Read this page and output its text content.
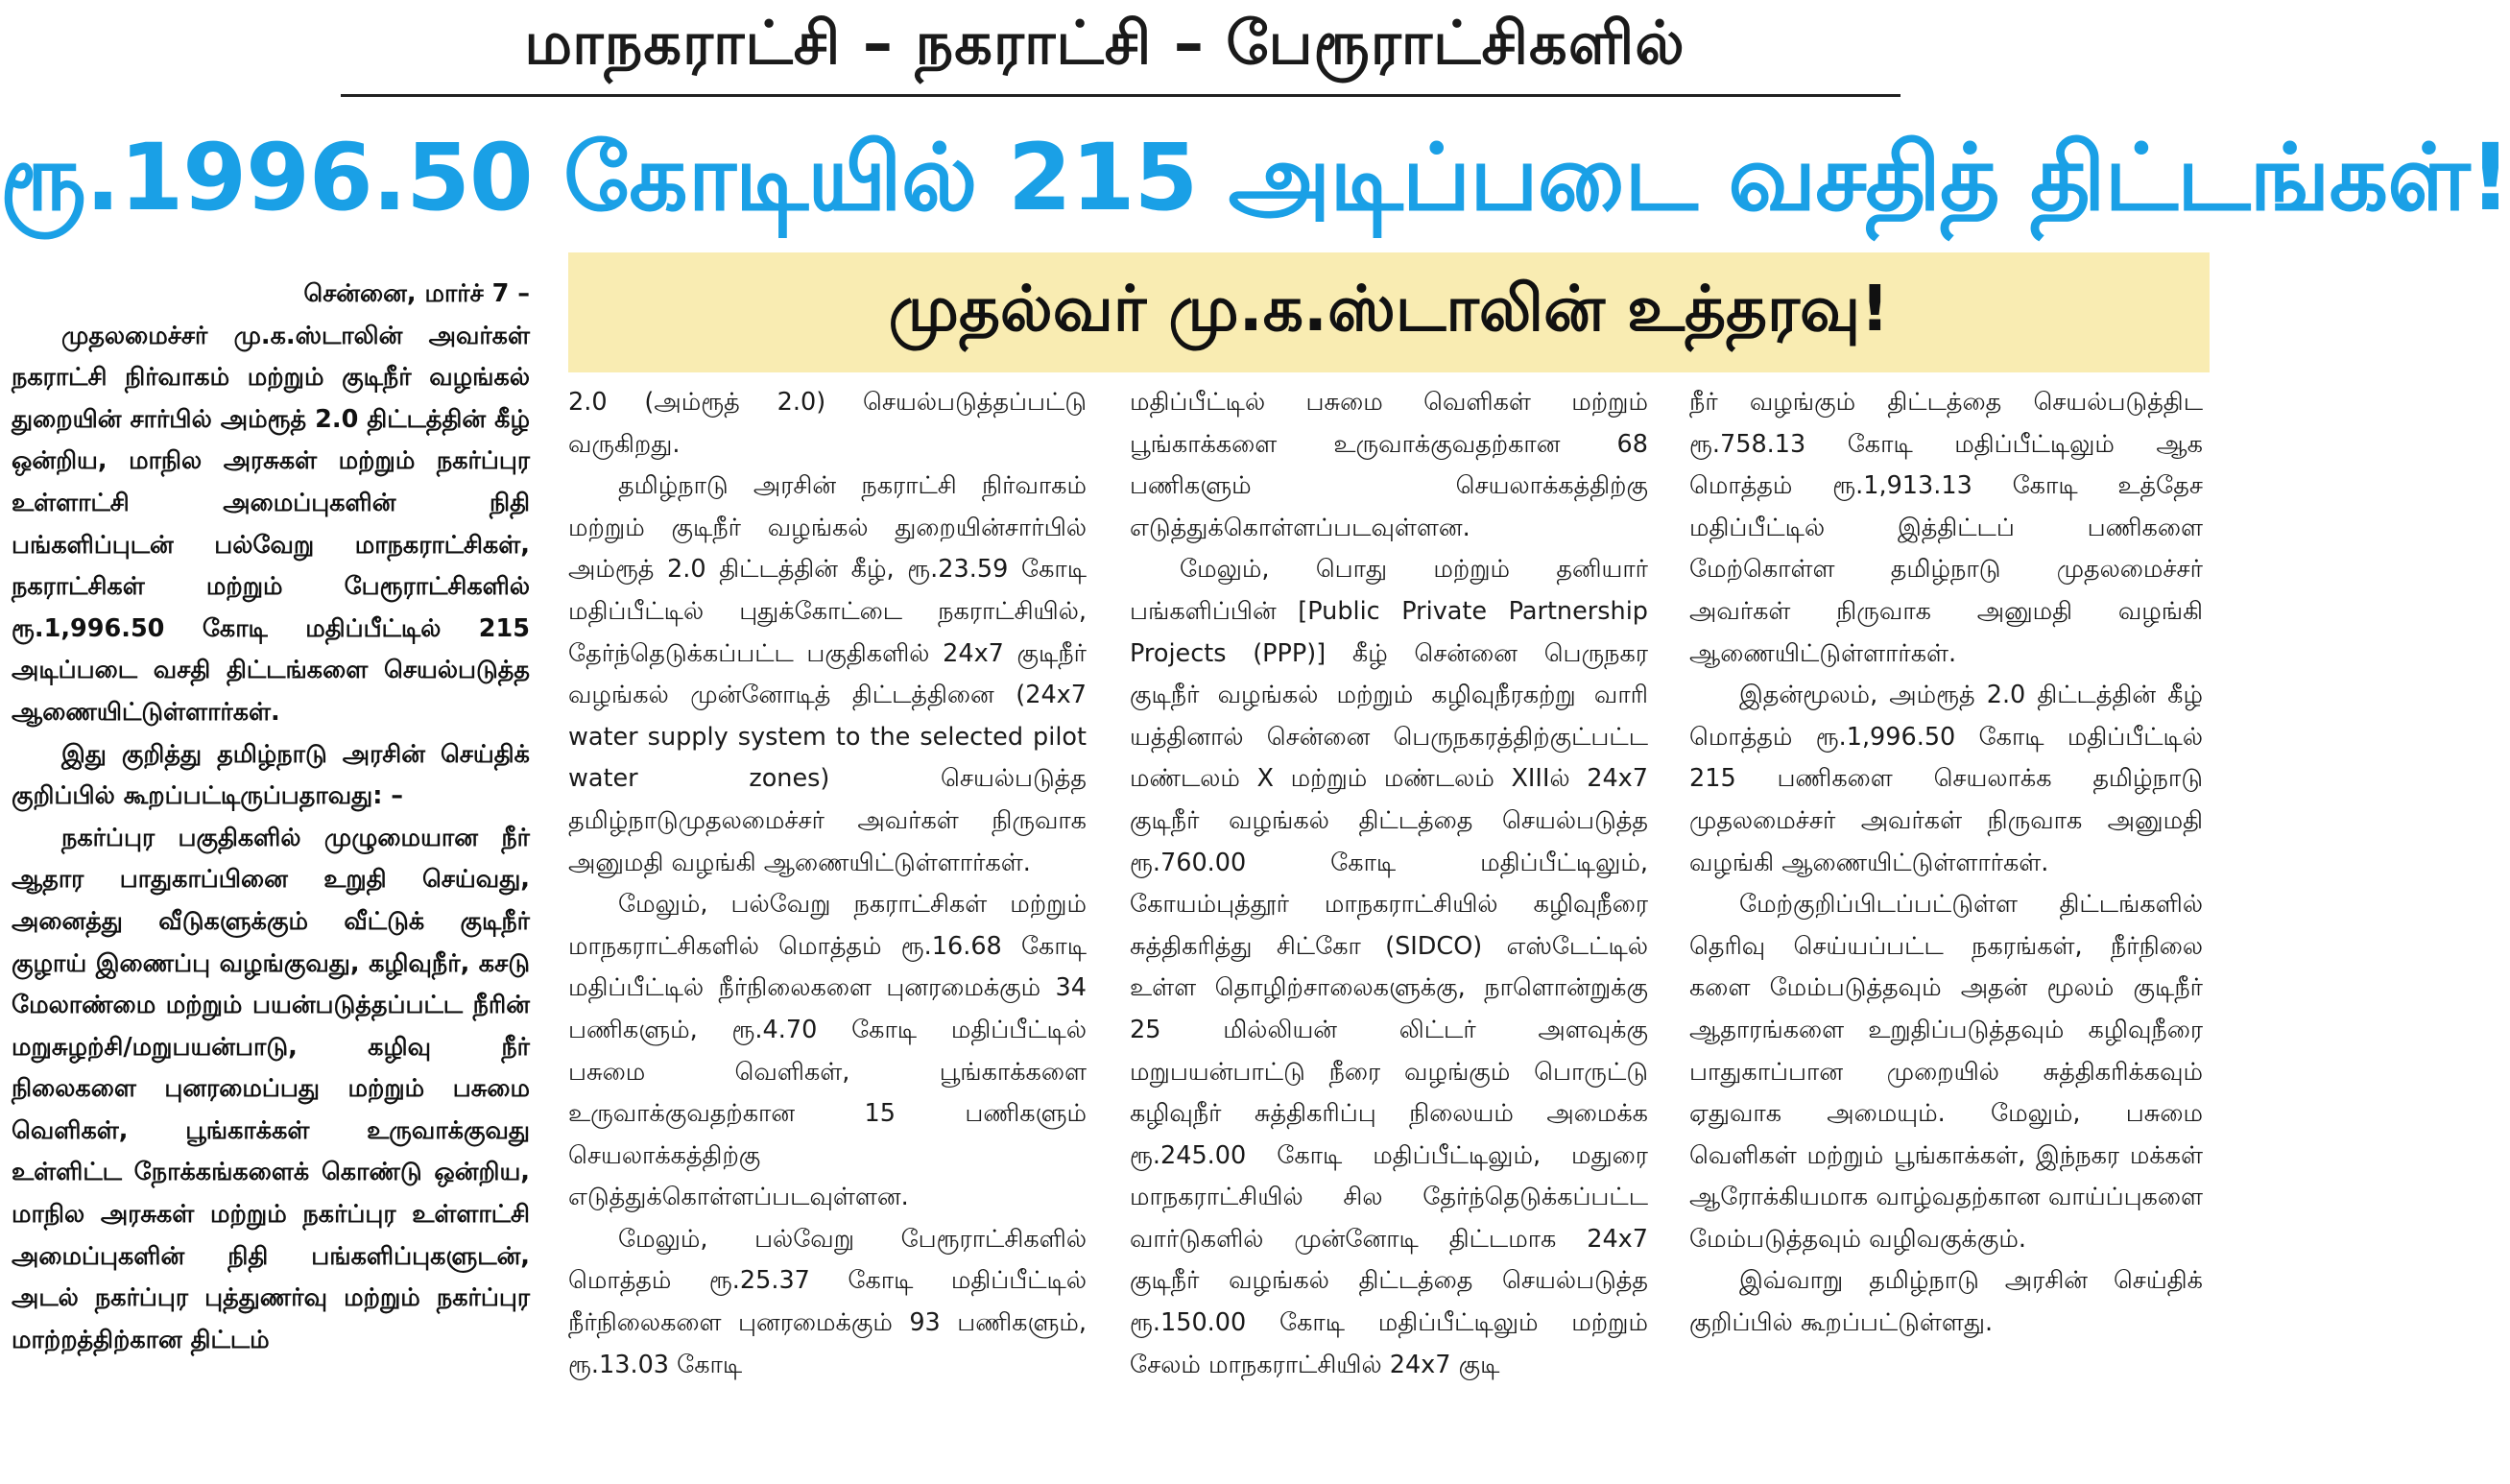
மாநகராட்சி – நகராட்சி – பேரூராட்சிகளில்
ரூ.1996.50 கோடியில் 215 அடிப்படை வசதித் திட்டங்கள்!
முதல்வர் மு.க.ஸ்டாலின் உத்தரவு!

சென்னை, மார்ச் 7 –

முதலமைச்சர் மு.க.ஸ்டாலின் அவர்கள் நகராட்சி நிர்வாகம் மற்றும் குடிநீர் வழங்கல் துறையின் சார்பில் அம்ரூத் 2.0 திட்டத்தின் கீழ் ஒன்றிய, மாநில அரசுகள் மற்றும் நகர்ப்புர உள்ளாட்சி அமைப்புகளின் நிதி பங்களிப்புடன் பல்வேறு மாநகராட்சிகள், நகராட்சிகள் மற்றும் பேரூராட்சிகளில் ரூ.1,996.50 கோடி மதிப்பீட்டில் 215 அடிப்படை வசதி திட்டங்களை செயல்படுத்த ஆணையிட்டுள்ளார்கள்.

இது குறித்து தமிழ்நாடு அரசின் செய்திக் குறிப்பில் கூறப்பட்டிருப்பதாவது: –

நகர்ப்புர பகுதிகளில் முழுமையான நீர் ஆதார பாதுகாப்பினை உறுதி செய்வது, அனைத்து வீடுகளுக்கும் வீட்டுக் குடிநீர் குழாய் இணைப்பு வழங்குவது, கழிவுநீர், கசடு மேலாண்மை மற்றும் பயன்படுத்தப்பட்ட நீரின் மறுசுழற்சி/மறுபயன்பாடு, கழிவு நீர் நிலைகளை புனரமைப்பது மற்றும் பசுமை வெளிகள், பூங்காக்கள் உருவாக்குவது உள்ளிட்ட நோக்கங்களைக் கொண்டு ஒன்றிய, மாநில அரசுகள் மற்றும் நகர்ப்புர உள்ளாட்சி அமைப்புகளின் நிதி பங்களிப்புகளுடன், அடல் நகர்ப்புர புத்துணர்வு மற்றும் நகர்ப்புர மாற்றத்திற்கான திட்டம்

2.0 (அம்ரூத் 2.0) செயல்படுத்தப்பட்டு வருகிறது.

தமிழ்நாடு அரசின் நகராட்சி நிர்வாகம் மற்றும் குடிநீர் வழங்கல் துறையின்சார்பில் அம்ரூத் 2.0 திட்டத்தின் கீழ், ரூ.23.59 கோடி மதிப்பீட்டில் புதுக்கோட்டை நகராட்சியில், தேர்ந்தெடுக்கப்பட்ட பகுதிகளில் 24x7 குடிநீர் வழங்கல் முன்னோடித் திட்டத்தினை (24x7 water supply system to the selected pilot water zones) செயல்படுத்த தமிழ்நாடுமுதலமைச்சர் அவர்கள் நிருவாக அனுமதி வழங்கி ஆணையிட்டுள்ளார்கள்.

மேலும், பல்வேறு நகராட்சிகள் மற்றும் மாநகராட்சிகளில் மொத்தம் ரூ.16.68 கோடி மதிப்பீட்டில் நீர்நிலைகளை புனரமைக்கும் 34 பணிகளும், ரூ.4.70 கோடி மதிப்பீட்டில் பசுமை வெளிகள், பூங்காக்களை உருவாக்குவதற்கான 15 பணிகளும் செயலாக்கத்திற்கு எடுத்துக்கொள்ளப்படவுள்ளன.

மேலும், பல்வேறு பேரூராட்சிகளில் மொத்தம் ரூ.25.37 கோடி மதிப்பீட்டில் நீர்நிலைகளை புனரமைக்கும் 93 பணிகளும், ரூ.13.03 கோடி

மதிப்பீட்டில் பசுமை வெளிகள் மற்றும் பூங்காக்களை உருவாக்குவதற்கான 68 பணிகளும் செயலாக்கத்திற்கு எடுத்துக்கொள்ளப்படவுள்ளன.

மேலும், பொது மற்றும் தனியார் பங்களிப்பின் [Public Private Partnership Projects (PPP)] கீழ் சென்னை பெருநகர குடிநீர் வழங்கல் மற்றும் கழிவுநீரகற்று வாரி யத்தினால் சென்னை பெருநகரத்திற்குட்பட்ட மண்டலம் X மற்றும் மண்டலம் XIIIல் 24x7 குடிநீர் வழங்கல் திட்டத்தை செயல்படுத்த ரூ.760.00 கோடி மதிப்பீட்டிலும், கோயம்புத்தூர் மாநகராட்சியில் கழிவுநீரை சுத்திகரித்து சிட்கோ (SIDCO) எஸ்டேட்டில் உள்ள தொழிற்சாலைகளுக்கு, நாளொன்றுக்கு 25 மில்லியன் லிட்டர் அளவுக்கு மறுபயன்பாட்டு நீரை வழங்கும் பொருட்டு கழிவுநீர் சுத்திகரிப்பு நிலையம் அமைக்க ரூ.245.00 கோடி மதிப்பீட்டிலும், மதுரை மாநகராட்சியில் சில தேர்ந்தெடுக்கப்பட்ட வார்டுகளில் முன்னோடி திட்டமாக 24x7 குடிநீர் வழங்கல் திட்டத்தை செயல்படுத்த ரூ.150.00 கோடி மதிப்பீட்டிலும் மற்றும் சேலம் மாநகராட்சியில் 24x7 குடி

நீர் வழங்கும் திட்டத்தை செயல்படுத்திட ரூ.758.13 கோடி மதிப்பீட்டிலும் ஆக மொத்தம் ரூ.1,913.13 கோடி உத்தேச மதிப்பீட்டில் இத்திட்டப் பணிகளை மேற்கொள்ள தமிழ்நாடு முதலமைச்சர் அவர்கள் நிருவாக அனுமதி வழங்கி ஆணையிட்டுள்ளார்கள்.

இதன்மூலம், அம்ரூத் 2.0 திட்டத்தின் கீழ் மொத்தம் ரூ.1,996.50 கோடி மதிப்பீட்டில் 215 பணிகளை செயலாக்க தமிழ்நாடு முதலமைச்சர் அவர்கள் நிருவாக அனுமதி வழங்கி ஆணையிட்டுள்ளார்கள்.

மேற்குறிப்பிடப்பட்டுள்ள திட்டங்களில் தெரிவு செய்யப்பட்ட நகரங்கள், நீர்நிலை களை மேம்படுத்தவும் அதன் மூலம் குடிநீர் ஆதாரங்களை உறுதிப்படுத்தவும் கழிவுநீரை பாதுகாப்பான முறையில் சுத்திகரிக்கவும் ஏதுவாக அமையும். மேலும், பசுமை வெளிகள் மற்றும் பூங்காக்கள், இந்நகர மக்கள் ஆரோக்கியமாக வாழ்வதற்கான வாய்ப்புகளை மேம்படுத்தவும் வழிவகுக்கும்.

இவ்வாறு தமிழ்நாடு அரசின் செய்திக் குறிப்பில் கூறப்பட்டுள்ளது.
